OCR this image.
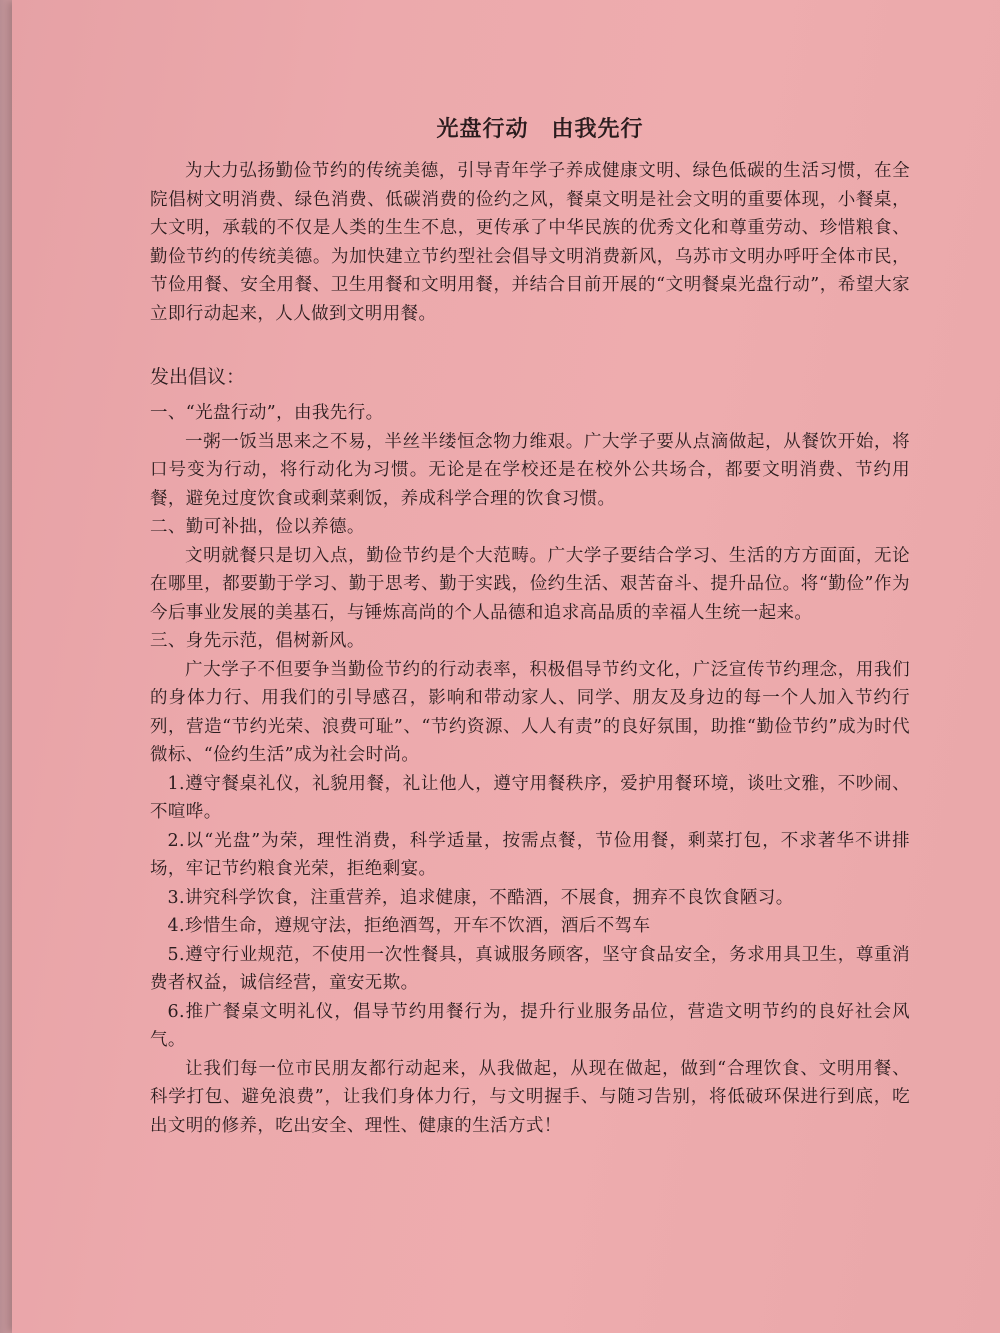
光盘行动　由我先行

为大力弘扬勤俭节约的传统美德，引导青年学子养成健康文明、绿色低碳的生活习惯，在全院倡树文明消费、绿色消费、低碳消费的俭约之风，餐桌文明是社会文明的重要体现，小餐桌，大文明，承载的不仅是人类的生生不息，更传承了中华民族的优秀文化和尊重劳动、珍惜粮食、勤俭节约的传统美德。为加快建立节约型社会倡导文明消费新风，乌苏市文明办呼吁全体市民，节俭用餐、安全用餐、卫生用餐和文明用餐，并结合目前开展的“文明餐桌光盘行动”，希望大家立即行动起来，人人做到文明用餐。

发出倡议：

一、“光盘行动”，由我先行。

一粥一饭当思来之不易，半丝半缕恒念物力维艰。广大学子要从点滴做起，从餐饮开始，将口号变为行动，将行动化为习惯。无论是在学校还是在校外公共场合，都要文明消费、节约用餐，避免过度饮食或剩菜剩饭，养成科学合理的饮食习惯。

二、勤可补拙，俭以养德。

文明就餐只是切入点，勤俭节约是个大范畴。广大学子要结合学习、生活的方方面面，无论在哪里，都要勤于学习、勤于思考、勤于实践，俭约生活、艰苦奋斗、提升品位。将“勤俭”作为今后事业发展的美基石，与锤炼高尚的个人品德和追求高品质的幸福人生统一起来。

三、身先示范，倡树新风。

广大学子不但要争当勤俭节约的行动表率，积极倡导节约文化，广泛宣传节约理念，用我们的身体力行、用我们的引导感召，影响和带动家人、同学、朋友及身边的每一个人加入节约行列，营造“节约光荣、浪费可耻”、“节约资源、人人有责”的良好氛围，助推“勤俭节约”成为时代微标、“俭约生活”成为社会时尚。

1.遵守餐桌礼仪，礼貌用餐，礼让他人，遵守用餐秩序，爱护用餐环境，谈吐文雅，不吵闹、不喧哗。

2.以“光盘”为荣，理性消费，科学适量，按需点餐，节俭用餐，剩菜打包，不求著华不讲排场，牢记节约粮食光荣，拒绝剩宴。

3.讲究科学饮食，注重营养，追求健康，不酷酒，不展食，拥弃不良饮食陋习。

4.珍惜生命，遵规守法，拒绝酒驾，开车不饮酒，酒后不驾车

5.遵守行业规范，不使用一次性餐具，真诚服务顾客，坚守食品安全，务求用具卫生，尊重消费者权益，诚信经营，童安无欺。

6.推广餐桌文明礼仪，倡导节约用餐行为，提升行业服务品位，营造文明节约的良好社会风气。

让我们每一位市民朋友都行动起来，从我做起，从现在做起，做到“合理饮食、文明用餐、科学打包、避免浪费”，让我们身体力行，与文明握手、与随习告别，将低破环保进行到底，吃出文明的修养，吃出安全、理性、健康的生活方式！
